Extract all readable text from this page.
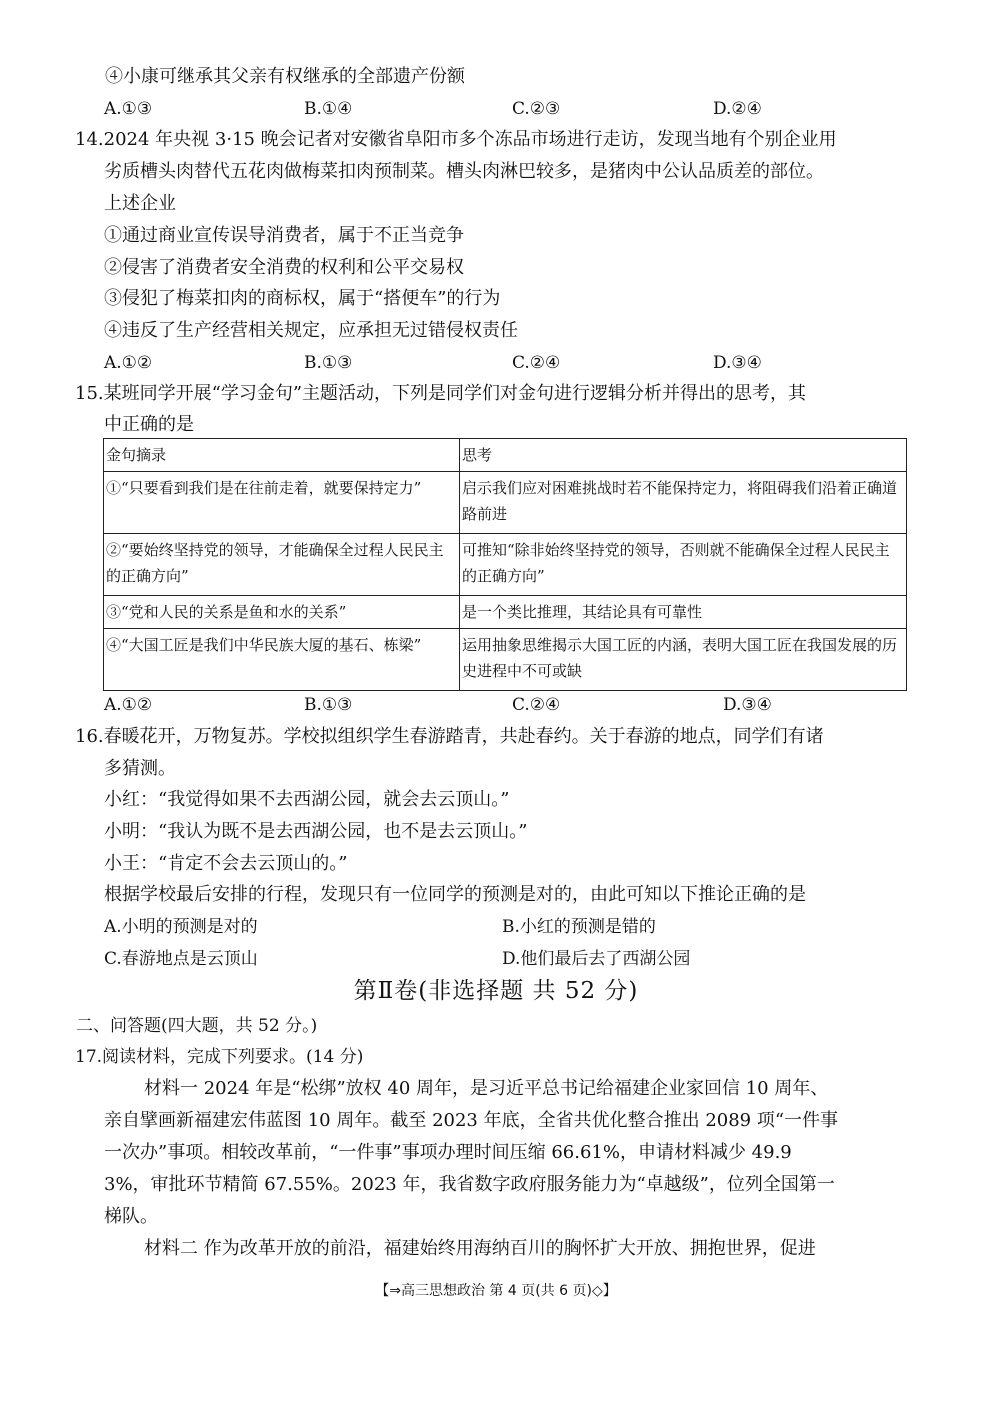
④小康可继承其父亲有权继承的全部遗产份额
A.①③	B.①④	C.②③	D.②④
14.2024 年央视 3·15 晚会记者对安徽省阜阳市多个冻品市场进行走访，发现当地有个别企业用
劣质槽头肉替代五花肉做梅菜扣肉预制菜。槽头肉淋巴较多，是猪肉中公认品质差的部位。
上述企业
①通过商业宣传误导消费者，属于不正当竞争
②侵害了消费者安全消费的权利和公平交易权
③侵犯了梅菜扣肉的商标权，属于“搭便车”的行为
④违反了生产经营相关规定，应承担无过错侵权责任
A.①②	B.①③	C.②④	D.③④
15.某班同学开展“学习金句”主题活动，下列是同学们对金句进行逻辑分析并得出的思考，其
中正确的是
金句摘录	思考
①“只要看到我们是在往前走着，就要保持定力”	启示我们应对困难挑战时若不能保持定力，将阻碍我们沿着正确道路前进
②“要始终坚持党的领导，才能确保全过程人民民主的正确方向”	可推知“除非始终坚持党的领导，否则就不能确保全过程人民民主的正确方向”
③“党和人民的关系是鱼和水的关系”	是一个类比推理，其结论具有可靠性
④“大国工匠是我们中华民族大厦的基石、栋梁”	运用抽象思维揭示大国工匠的内涵，表明大国工匠在我国发展的历史进程中不可或缺
A.①②	B.①③	C.②④	D.③④
16.春暖花开，万物复苏。学校拟组织学生春游踏青，共赴春约。关于春游的地点，同学们有诸
多猜测。
小红：“我觉得如果不去西湖公园，就会去云顶山。”
小明：“我认为既不是去西湖公园，也不是去云顶山。”
小王：“肯定不会去云顶山的。”
根据学校最后安排的行程，发现只有一位同学的预测是对的，由此可知以下推论正确的是
A.小明的预测是对的	B.小红的预测是错的
C.春游地点是云顶山	D.他们最后去了西湖公园
第Ⅱ卷(非选择题 共 52 分)
二、问答题(四大题，共 52 分。)
17.阅读材料，完成下列要求。(14 分)
材料一 2024 年是“松绑”放权 40 周年，是习近平总书记给福建企业家回信 10 周年、
亲自擘画新福建宏伟蓝图 10 周年。截至 2023 年底，全省共优化整合推出 2089 项“一件事
一次办”事项。相较改革前，“一件事”事项办理时间压缩 66.61%，申请材料减少 49.9
3%，审批环节精简 67.55%。2023 年，我省数字政府服务能力为“卓越级”，位列全国第一
梯队。
材料二 作为改革开放的前沿，福建始终用海纳百川的胸怀扩大开放、拥抱世界，促进
【⇒高三思想政治 第 4 页(共 6 页)◇】
